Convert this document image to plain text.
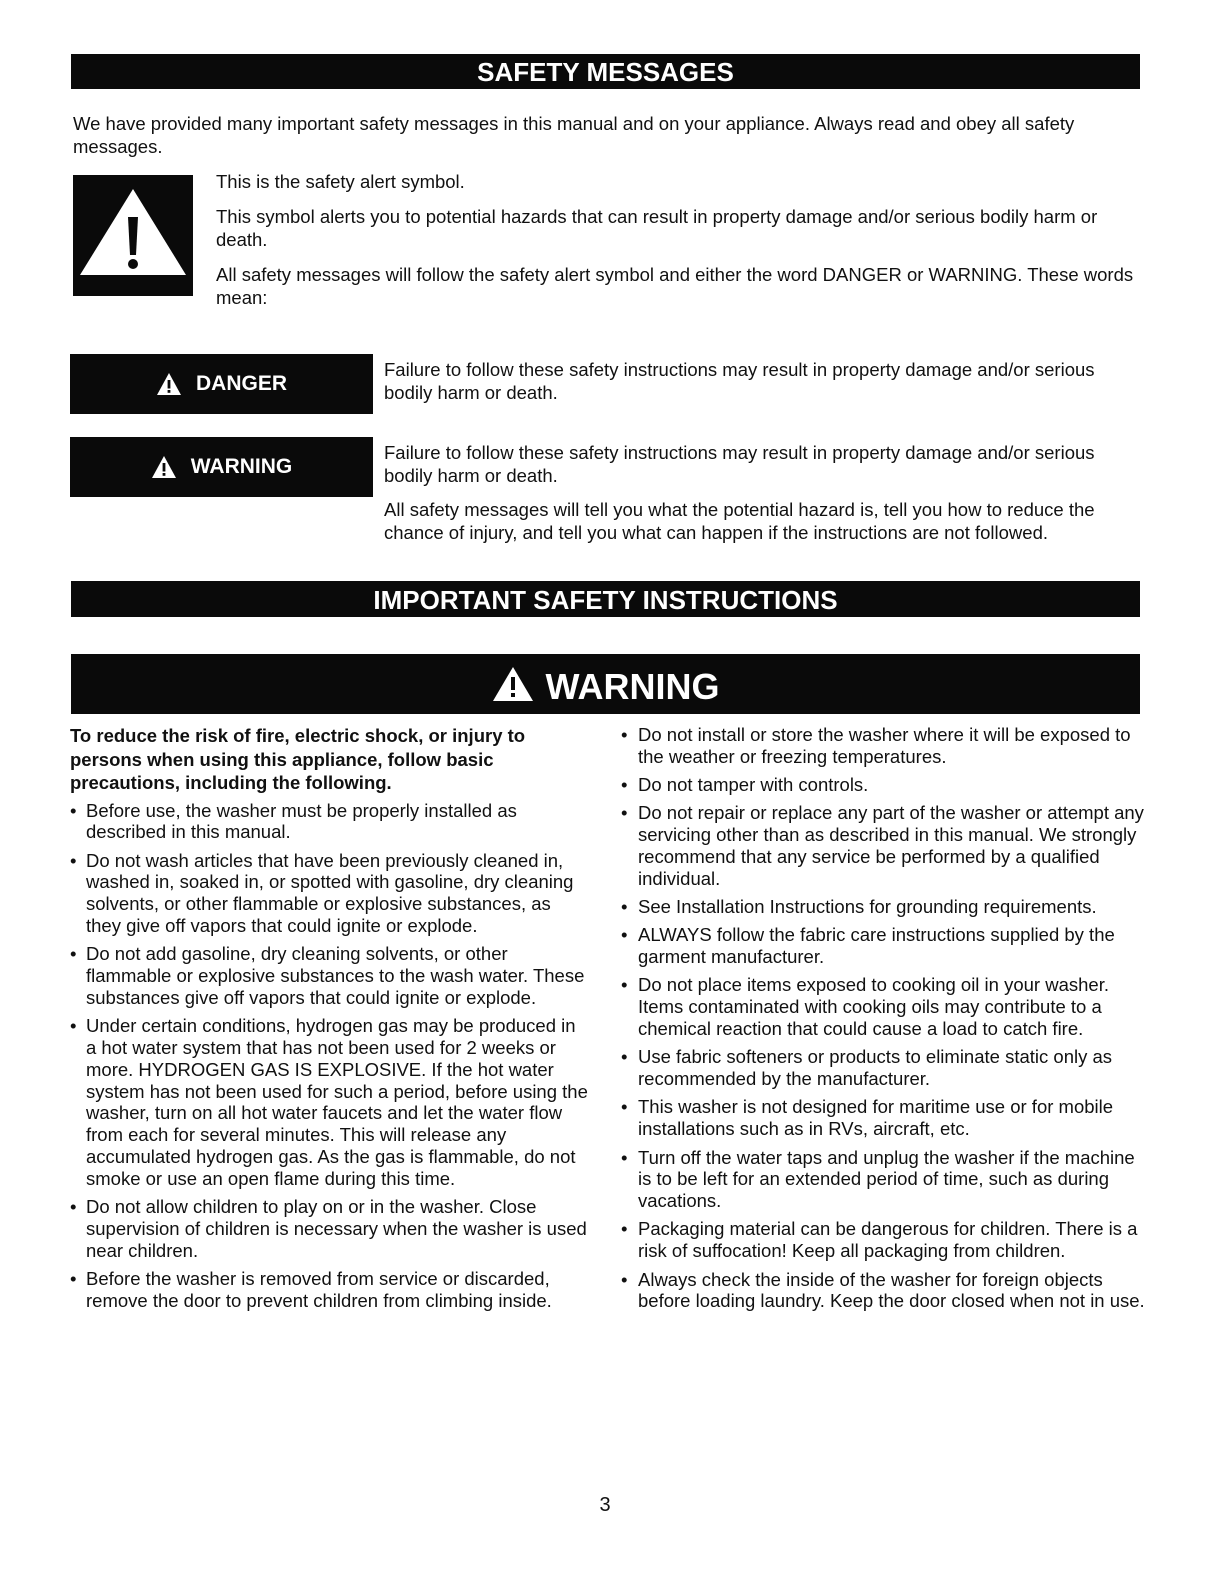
SAFETY MESSAGES

We have provided many important safety messages in this manual and on your appliance. Always read and obey all safety messages.

This is the safety alert symbol.

This symbol alerts you to potential hazards that can result in property damage and/or serious bodily harm or death.

All safety messages will follow the safety alert symbol and either the word DANGER or WARNING. These words mean:

DANGER

Failure to follow these safety instructions may result in property damage and/or serious bodily harm or death.

WARNING

Failure to follow these safety instructions may result in property damage and/or serious bodily harm or death.

All safety messages will tell you what the potential hazard is, tell you how to reduce the chance of injury, and tell you what can happen if the instructions are not followed.

IMPORTANT SAFETY INSTRUCTIONS
WARNING

To reduce the risk of fire, electric shock, or injury to persons when using this appliance, follow basic precautions, including the following.

• Before use, the washer must be properly installed as described in this manual.
• Do not wash articles that have been previously cleaned in, washed in, soaked in, or spotted with gasoline, dry cleaning solvents, or other flammable or explosive substances, as they give off vapors that could ignite or explode.
• Do not add gasoline, dry cleaning solvents, or other flammable or explosive substances to the wash water. These substances give off vapors that could ignite or explode.
• Under certain conditions, hydrogen gas may be produced in a hot water system that has not been used for 2 weeks or more. HYDROGEN GAS IS EXPLOSIVE. If the hot water system has not been used for such a period, before using the washer, turn on all hot water faucets and let the water flow from each for several minutes. This will release any accumulated hydrogen gas. As the gas is flammable, do not smoke or use an open flame during this time.
• Do not allow children to play on or in the washer. Close supervision of children is necessary when the washer is used near children.
• Before the washer is removed from service or discarded, remove the door to prevent children from climbing inside.
• Do not install or store the washer where it will be exposed to the weather or freezing temperatures.
• Do not tamper with controls.
• Do not repair or replace any part of the washer or attempt any servicing other than as described in this manual. We strongly recommend that any service be performed by a qualified individual.
• See Installation Instructions for grounding requirements.
• ALWAYS follow the fabric care instructions supplied by the garment manufacturer.
• Do not place items exposed to cooking oil in your washer. Items contaminated with cooking oils may contribute to a chemical reaction that could cause a load to catch fire.
• Use fabric softeners or products to eliminate static only as recommended by the manufacturer.
• This washer is not designed for maritime use or for mobile installations such as in RVs, aircraft, etc.
• Turn off the water taps and unplug the washer if the machine is to be left for an extended period of time, such as during vacations.
• Packaging material can be dangerous for children. There is a risk of suffocation! Keep all packaging from children.
• Always check the inside of the washer for foreign objects before loading laundry. Keep the door closed when not in use.
3
